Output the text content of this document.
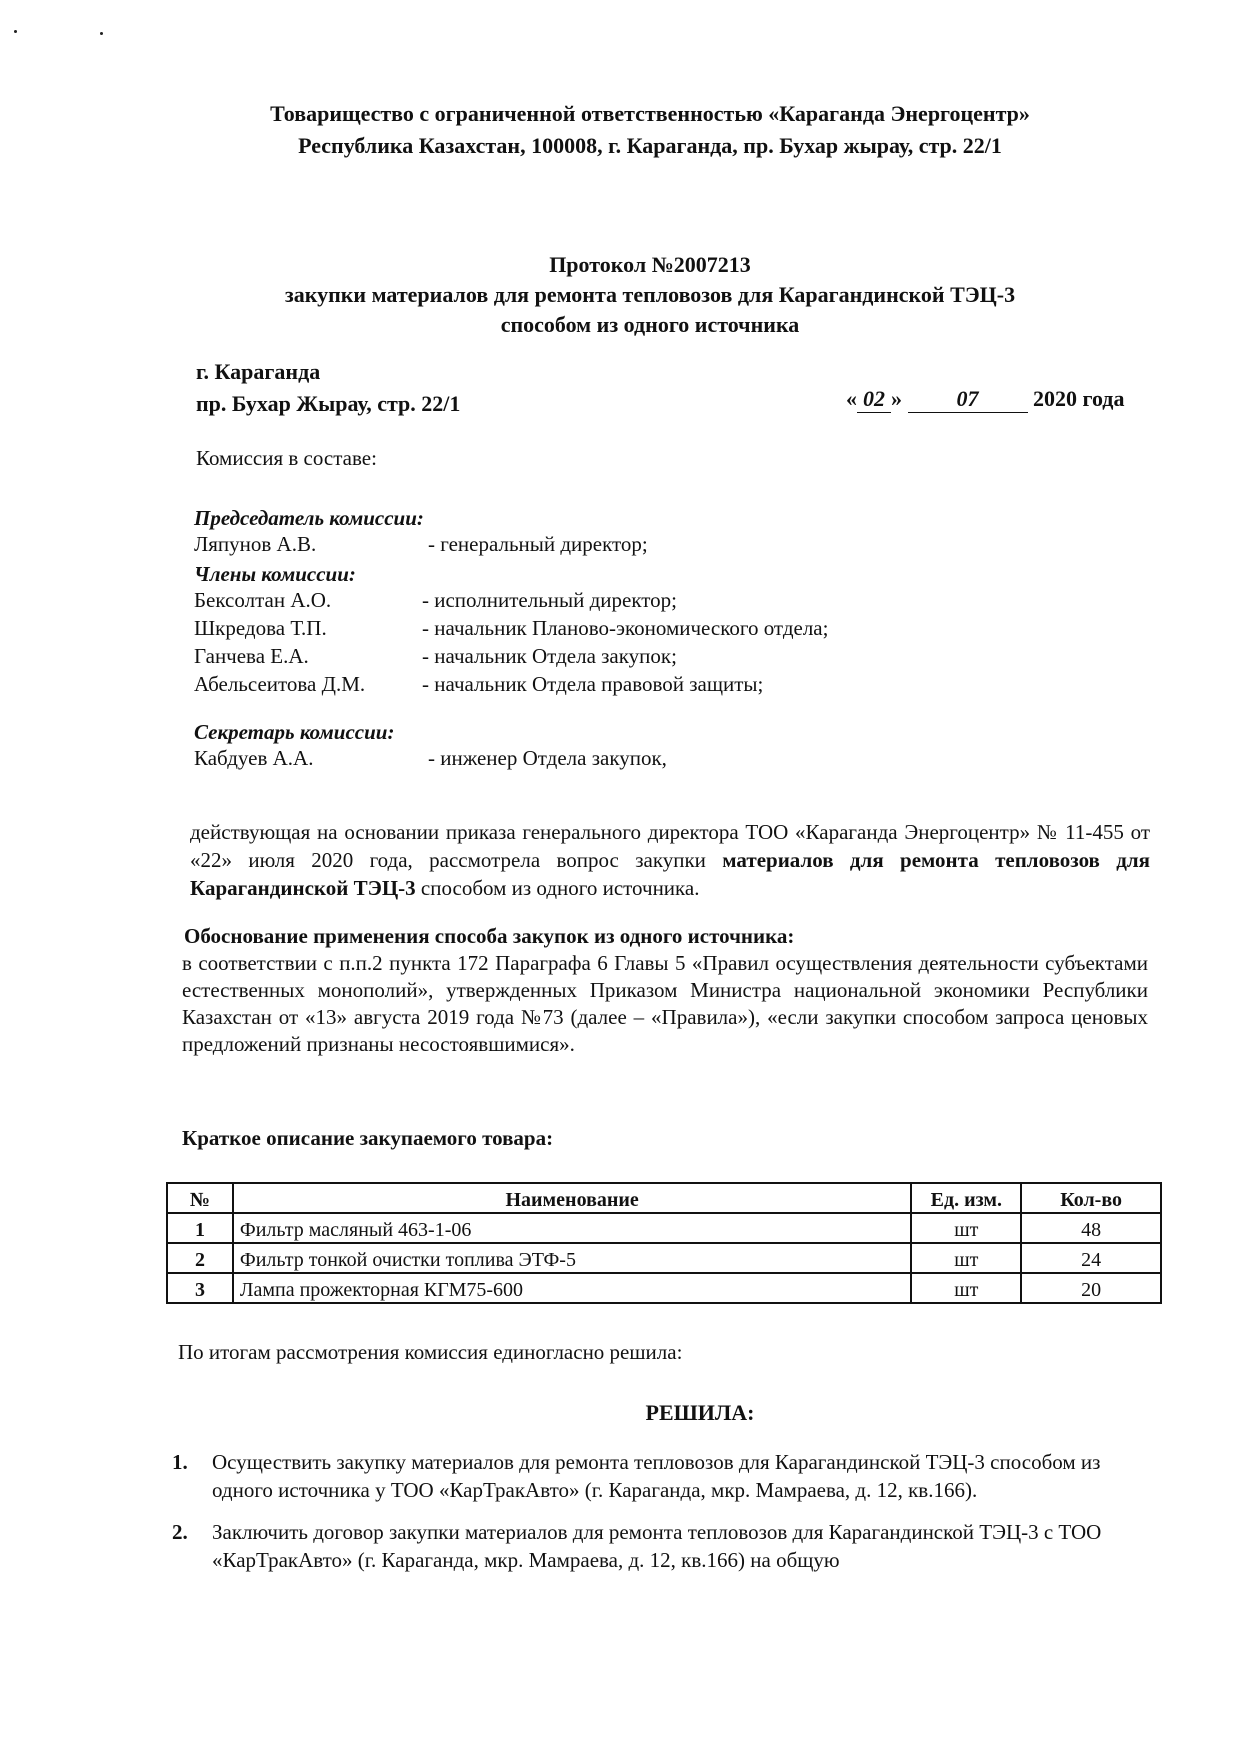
Товарищество с ограниченной ответственностью «Караганда Энергоцентр»
Республика Казахстан, 100008, г. Караганда, пр. Бухар жырау, стр. 22/1
Протокол №2007213
закупки материалов для ремонта тепловозов для Карагандинской ТЭЦ-3
способом из одного источника
г. Караганда
пр. Бухар Жырау, стр. 22/1	« 02 » 07 2020 года
Комиссия в составе:
Председатель комиссии:
Ляпунов А.В.	- генеральный директор;
Члены комиссии:
Бексолтан А.О.	- исполнительный директор;
Шкредова Т.П.	- начальник Планово-экономического отдела;
Ганчева Е.А.	- начальник Отдела закупок;
Абельсеитова Д.М.	- начальник Отдела правовой защиты;
Секретарь комиссии:
Кабдуев А.А.	- инженер Отдела закупок,
действующая на основании приказа генерального директора ТОО «Караганда Энергоцентр» № 11-455 от «22» июля 2020 года, рассмотрела вопрос закупки материалов для ремонта тепловозов для Карагандинской ТЭЦ-3 способом из одного источника.
Обоснование применения способа закупок из одного источника:
в соответствии с п.п.2 пункта 172 Параграфа 6 Главы 5 «Правил осуществления деятельности субъектами естественных монополий», утвержденных Приказом Министра национальной экономики Республики Казахстан от «13» августа 2019 года №73 (далее – «Правила»), «если закупки способом запроса ценовых предложений признаны несостоявшимися».
Краткое описание закупаемого товара:
№	Наименование	Ед. изм.	Кол-во
1	Фильтр масляный 463-1-06	шт	48
2	Фильтр тонкой очистки топлива ЭТФ-5	шт	24
3	Лампа прожекторная КГМ75-600	шт	20
По итогам рассмотрения комиссия единогласно решила:
РЕШИЛА:
1. Осуществить закупку материалов для ремонта тепловозов для Карагандинской ТЭЦ-3 способом из одного источника у ТОО «КарТракАвто» (г. Караганда, мкр. Мамраева, д. 12, кв.166).
2. Заключить договор закупки материалов для ремонта тепловозов для Карагандинской ТЭЦ-3 с ТОО «КарТракАвто» (г. Караганда, мкр. Мамраева, д. 12, кв.166) на общую
